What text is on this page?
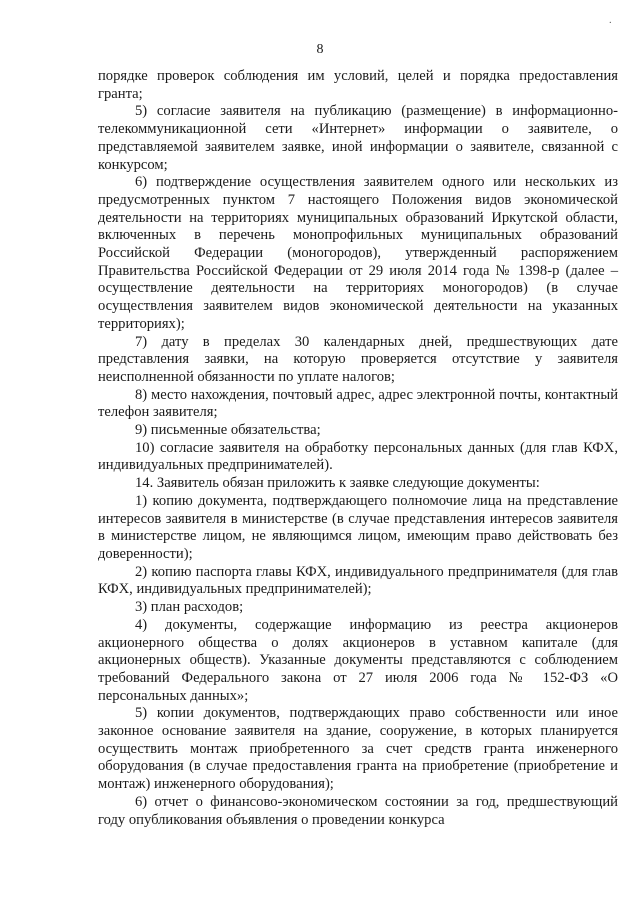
·
8

порядке проверок соблюдения им условий, целей и порядка предоставления гранта;

5) согласие заявителя на публикацию (размещение) в информационно-телекоммуникационной сети «Интернет» информации о заявителе, о представляемой заявителем заявке, иной информации о заявителе, связанной с конкурсом;

6) подтверждение осуществления заявителем одного или нескольких из предусмотренных пунктом 7 настоящего Положения видов экономической деятельности на территориях муниципальных образований Иркутской области, включенных в перечень монопрофильных муниципальных образований Российской Федерации (моногородов), утвержденный распоряжением Правительства Российской Федерации от 29 июля 2014 года № 1398-р (далее – осуществление деятельности на территориях моногородов) (в случае осуществления заявителем видов экономической деятельности на указанных территориях);

7) дату в пределах 30 календарных дней, предшествующих дате представления заявки, на которую проверяется отсутствие у заявителя неисполненной обязанности по уплате налогов;

8) место нахождения, почтовый адрес, адрес электронной почты, контактный телефон заявителя;

9) письменные обязательства;

10) согласие заявителя на обработку персональных данных (для глав КФХ, индивидуальных предпринимателей).

14. Заявитель обязан приложить к заявке следующие документы:

1) копию документа, подтверждающего полномочие лица на представление интересов заявителя в министерстве (в случае представления интересов заявителя в министерстве лицом, не являющимся лицом, имеющим право действовать без доверенности);

2) копию паспорта главы КФХ, индивидуального предпринимателя (для глав КФХ, индивидуальных предпринимателей);

3) план расходов;

4) документы, содержащие информацию из реестра акционеров акционерного общества о долях акционеров в уставном капитале (для акционерных обществ). Указанные документы представляются с соблюдением требований Федерального закона от 27 июля 2006 года № 152-ФЗ «О персональных данных»;

5) копии документов, подтверждающих право собственности или иное законное основание заявителя на здание, сооружение, в которых планируется осуществить монтаж приобретенного за счет средств гранта инженерного оборудования (в случае предоставления гранта на приобретение (приобретение и монтаж) инженерного оборудования);

6) отчет о финансово-экономическом состоянии за год, предшествующий году опубликования объявления о проведении конкурса
